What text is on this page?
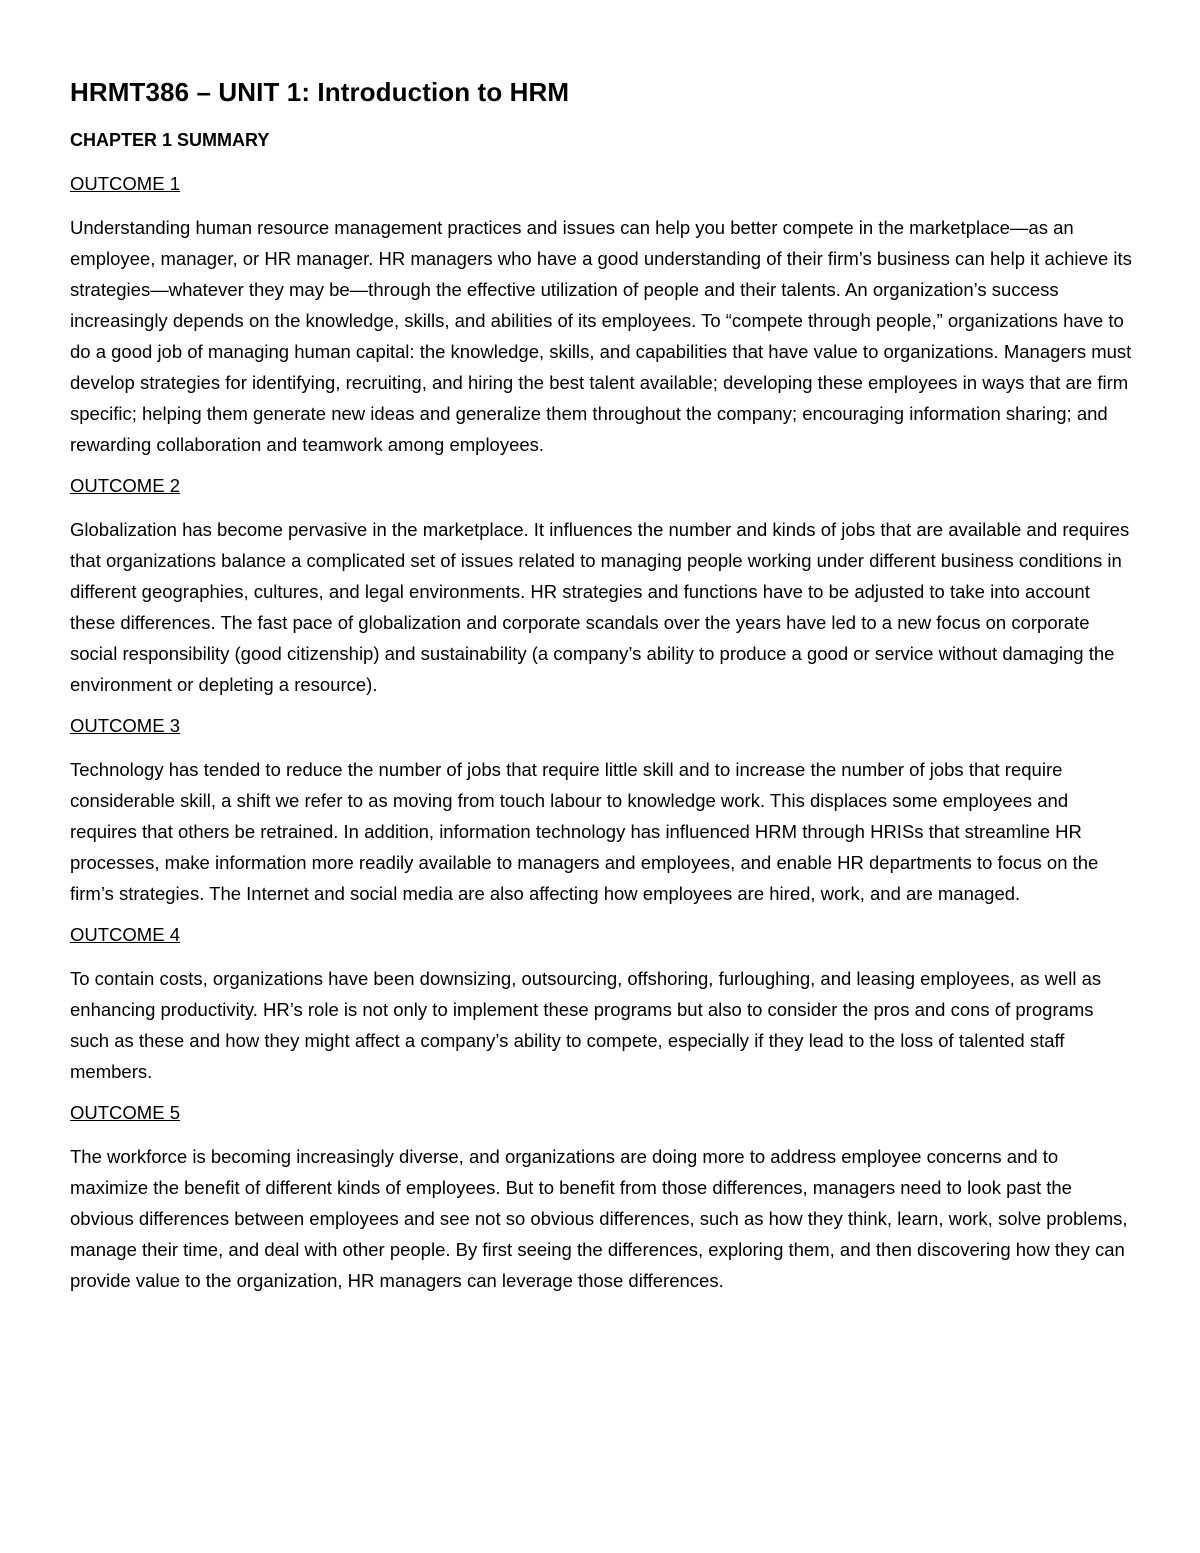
HRMT386 – UNIT 1: Introduction to HRM
CHAPTER 1 SUMMARY
OUTCOME 1

Understanding human resource management practices and issues can help you better compete in the marketplace—as an employee, manager, or HR manager. HR managers who have a good understanding of their firm’s business can help it achieve its strategies—whatever they may be—through the effective utilization of people and their talents. An organization’s success increasingly depends on the knowledge, skills, and abilities of its employees. To “compete through people,” organizations have to do a good job of managing human capital: the knowledge, skills, and capabilities that have value to organizations. Managers must develop strategies for identifying, recruiting, and hiring the best talent available; developing these employees in ways that are firm specific; helping them generate new ideas and generalize them throughout the company; encouraging information sharing; and rewarding collaboration and teamwork among employees.

OUTCOME 2

Globalization has become pervasive in the marketplace. It influences the number and kinds of jobs that are available and requires that organizations balance a complicated set of issues related to managing people working under different business conditions in different geographies, cultures, and legal environments. HR strategies and functions have to be adjusted to take into account these differences. The fast pace of globalization and corporate scandals over the years have led to a new focus on corporate social responsibility (good citizenship) and sustainability (a company’s ability to produce a good or service without damaging the environment or depleting a resource).

OUTCOME 3

Technology has tended to reduce the number of jobs that require little skill and to increase the number of jobs that require considerable skill, a shift we refer to as moving from touch labour to knowledge work. This displaces some employees and requires that others be retrained. In addition, information technology has influenced HRM through HRISs that streamline HR processes, make information more readily available to managers and employees, and enable HR departments to focus on the firm’s strategies. The Internet and social media are also affecting how employees are hired, work, and are managed.

OUTCOME 4

To contain costs, organizations have been downsizing, outsourcing, offshoring, furloughing, and leasing employees, as well as enhancing productivity. HR’s role is not only to implement these programs but also to consider the pros and cons of programs such as these and how they might affect a company’s ability to compete, especially if they lead to the loss of talented staff members.

OUTCOME 5

The workforce is becoming increasingly diverse, and organizations are doing more to address employee concerns and to maximize the benefit of different kinds of employees. But to benefit from those differences, managers need to look past the obvious differences between employees and see not so obvious differences, such as how they think, learn, work, solve problems, manage their time, and deal with other people. By first seeing the differences, exploring them, and then discovering how they can provide value to the organization, HR managers can leverage those differences.
